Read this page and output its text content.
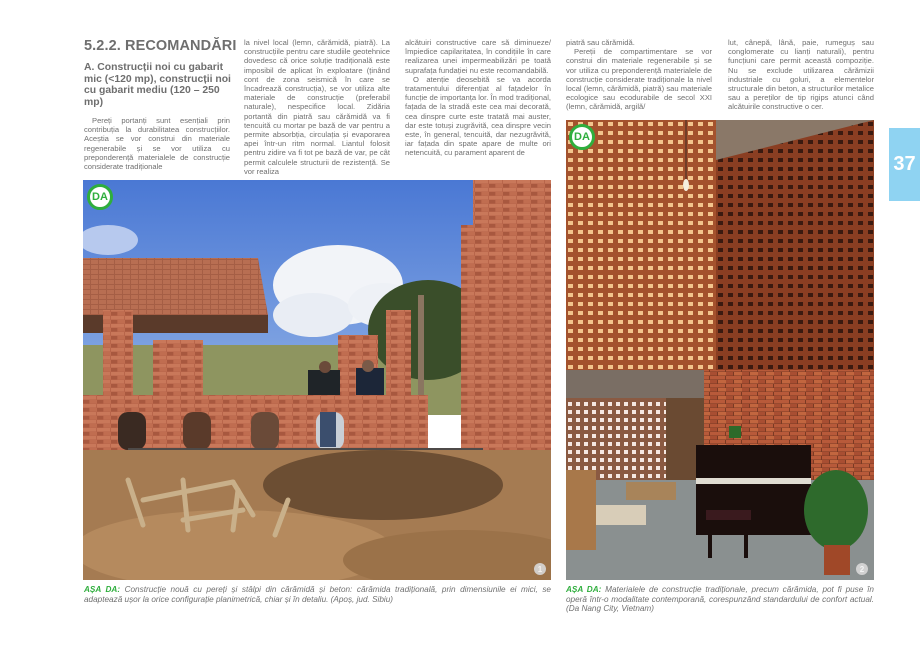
5.2.2. RECOMANDĂRI
A. Construcții noi cu gabarit mic (<120 mp), construcții noi cu gabarit mediu (120 – 250 mp)

Pereți portanți sunt esențiali prin contribuția la durabilitatea construcțiilor. Aceștia se vor construi din materiale regenerabile și se vor utiliza cu preponderență materialele de construcție considerate tradiționale

la nivel local (lemn, cărămidă, piatră). La construcțiile pentru care studiile geotehnice dovedesc că orice soluție tradițională este imposibil de aplicat în exploatare (ținând cont de zona seismică în care se încadrează construcția), se vor utiliza alte materiale de construcție (preferabil naturale), nespecifice local. Zidăria portantă din piatră sau cărămidă va fi tencuită cu mortar pe bază de var pentru a permite absorbția, circulația și evaporarea apei într-un ritm normal. Liantul folosit pentru zidire va fi tot pe bază de var, pe cât permit calculele structurii de rezistență. Se vor realiza

alcătuiri constructive care să diminueze/ împiedice capilaritatea, în condițiile în care realizarea unei impermeabilizări pe toată suprafața fundației nu este recomandabilă.

O atenție deosebită se va acorda tratamentului diferențiat al fațadelor în funcție de importanța lor. În mod tradițional, fațada de la stradă este cea mai decorată, cea dinspre curte este tratată mai auster, dar este totuși zugrăvită, cea dinspre vecin este, în general, tencuită, dar nezugrăvită, iar fațada din spate apare de multe ori netencuită, cu parament aparent de

piatră sau cărămidă.

Pereții de compartimentare se vor construi din materiale regenerabile și se vor utiliza cu preponderență materialele de construcție considerate tradiționale la nivel local (lemn, cărămidă, piatră) sau materiale ecologice sau ecodurabile de secol XXI (lemn, cărămidă, argilă/

lut, cânepă, lână, paie, rumeguș sau conglomerate cu lianți naturali), pentru funcțiuni care permit această compoziție. Nu se exclude utilizarea cărămizii industriale cu goluri, a elementelor structurale din beton, a structurilor metalice sau a pereților de tip rigips atunci când alcătuirile constructive o cer.

DA
1
DA
2
AȘA DA: Construcție nouă cu pereți și stâlpi din cărămidă și beton: cărămida tradițională, prin dimensiunile ei mici, se adaptează ușor la orice configurație planimetrică, chiar și în detaliu. (Apoș, jud. Sibiu)
AȘA DA: Materialele de construcție tradiționale, precum cărămida, pot fi puse în operă într-o modalitate contemporană, corespunzând standardului de confort actual.(Da Nang City, Vietnam)
37
